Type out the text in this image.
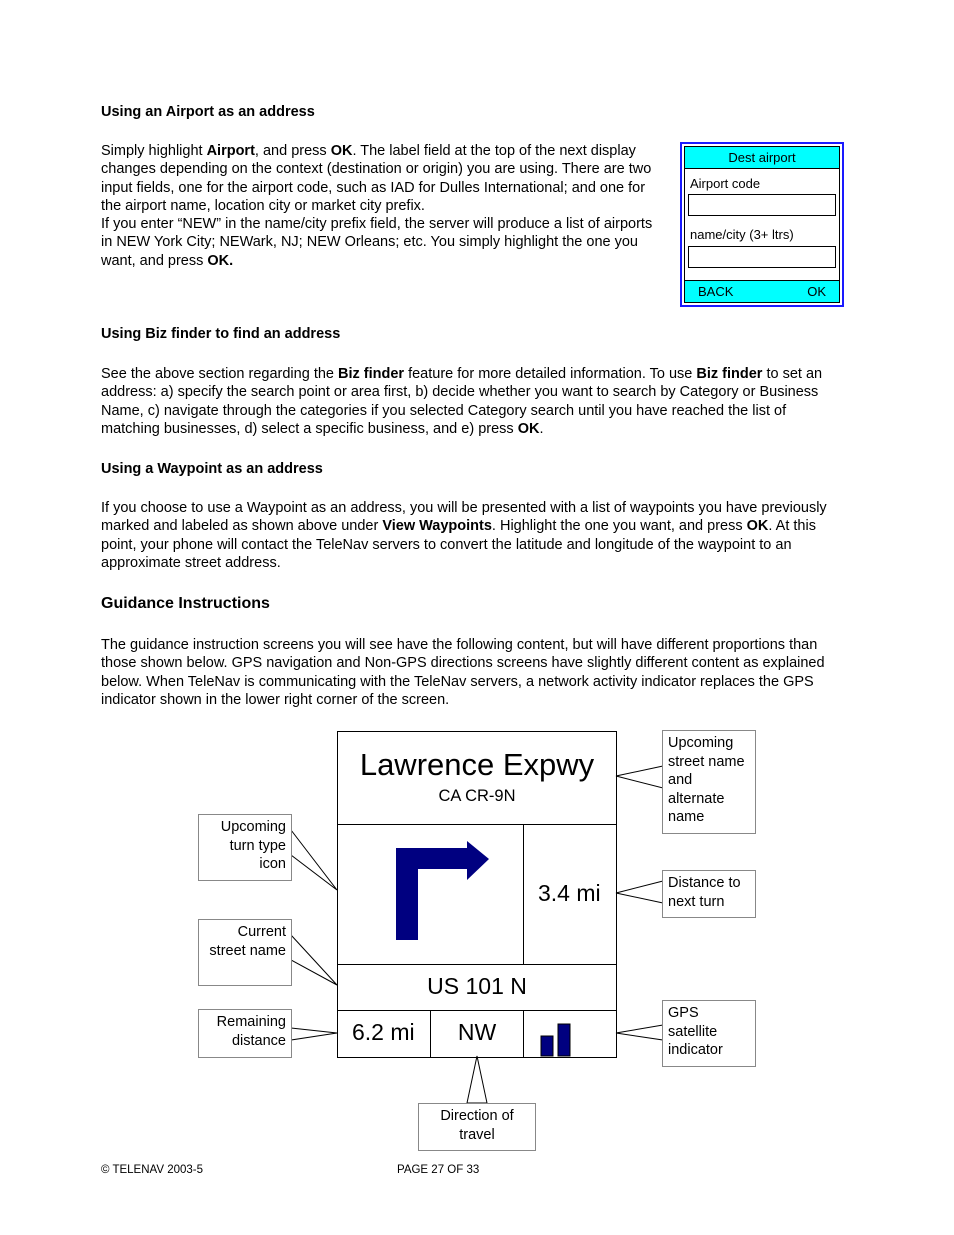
Using an Airport as an address
Simply highlight Airport, and press OK. The label field at the top of the next display changes depending on the context (destination or origin) you are using. There are two input fields, one for the airport code, such as IAD for Dulles International; and one for the airport name, location city or market city prefix.
If you enter “NEW” in the name/city prefix field, the server will produce a list of airports in NEW York City; NEWark, NJ; NEW Orleans; etc. You simply highlight the one you want, and press OK.
Dest airport
Airport code
name/city (3+ ltrs)
BACK	OK
Using Biz finder to find an address
See the above section regarding the Biz finder feature for more detailed information. To use Biz finder to set an address: a) specify the search point or area first, b) decide whether you want to search by Category or Business Name, c) navigate through the categories if you selected Category search until you have reached the list of matching businesses, d) select a specific business, and e) press OK.
Using a Waypoint as an address
If you choose to use a Waypoint as an address, you will be presented with a list of waypoints you have previously marked and labeled as shown above under View Waypoints. Highlight the one you want, and press OK. At this point, your phone will contact the TeleNav servers to convert the latitude and longitude of the waypoint to an approximate street address.
Guidance Instructions
The guidance instruction screens you will see have the following content, but will have different proportions than those shown below. GPS navigation and Non-GPS directions screens have slightly different content as explained below. When TeleNav is communicating with the TeleNav servers, a network activity indicator replaces the GPS indicator shown in the lower right corner of the screen.
Lawrence Expwy
CA CR-9N
3.4 mi
US 101 N
6.2 mi	NW
Upcoming street name and alternate name
Distance to next turn
GPS satellite indicator
Upcoming turn type icon
Current street name
Remaining distance
Direction of travel
© TELENAV 2003-5	PAGE 27 OF 33
